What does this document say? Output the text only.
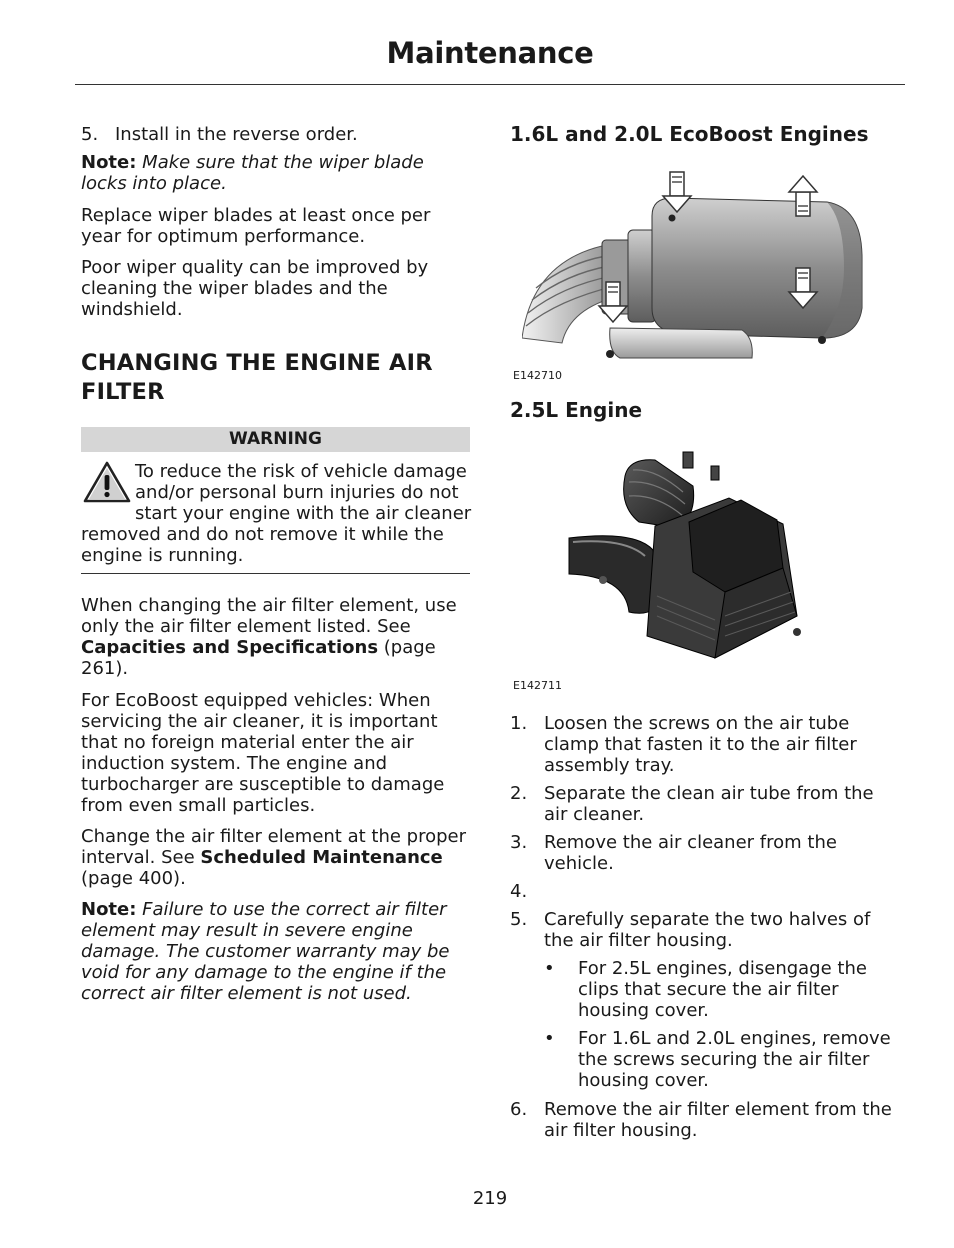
Maintenance
5. Install in the reverse order.

Note: Make sure that the wiper blade locks into place.

Replace wiper blades at least once per year for optimum performance.

Poor wiper quality can be improved by cleaning the wiper blades and the windshield.

CHANGING THE ENGINE AIR
FILTER
WARNING
To reduce the risk of vehicle damage
and/or personal burn injuries do not
start your engine with the air cleaner

removed and do not remove it while the engine is running.

When changing the air filter element, use only the air filter element listed. See Capacities and Specifications (page 261).

For EcoBoost equipped vehicles: When servicing the air cleaner, it is important that no foreign material enter the air induction system. The engine and turbocharger are susceptible to damage from even small particles.

Change the air filter element at the proper interval. See Scheduled Maintenance (page 400).

Note: Failure to use the correct air filter element may result in severe engine damage. The customer warranty may be void for any damage to the engine if the correct air filter element is not used.

1.6L and 2.0L EcoBoost Engines
E142710
2.5L Engine
E142711
1. Loosen the screws on the air tube clamp that fasten it to the air filter assembly tray.
2. Separate the clean air tube from the air cleaner.
3. Remove the air cleaner from the vehicle.
4.
5. Carefully separate the two halves of the air filter housing.
• For 2.5L engines, disengage the clips that secure the air filter housing cover.
• For 1.6L and 2.0L engines, remove the screws securing the air filter housing cover.
6. Remove the air filter element from the air filter housing.
219
